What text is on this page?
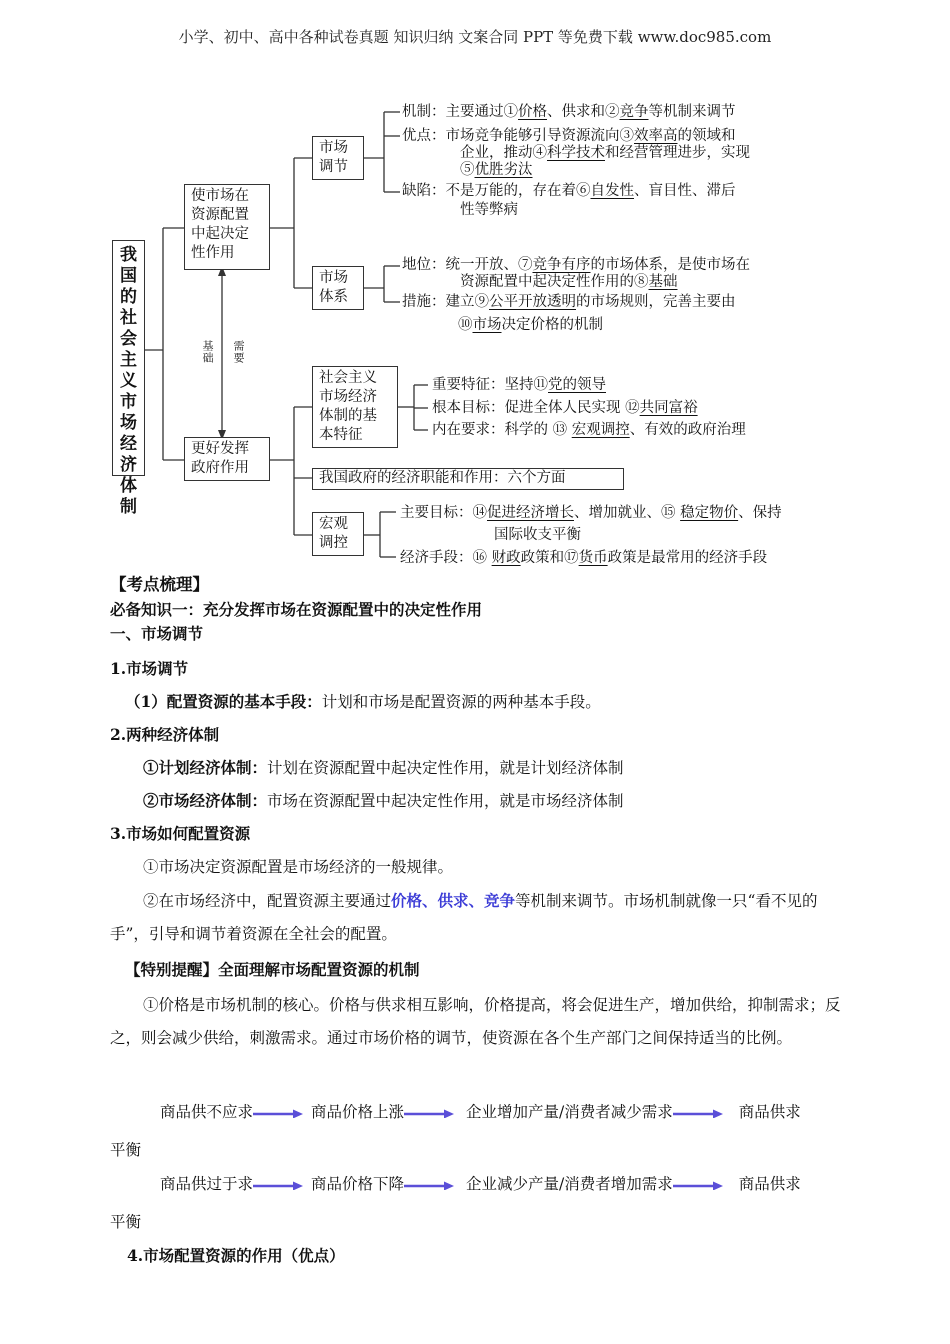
小学、初中、高中各种试卷真题 知识归纳 文案合同 PPT 等免费下载 www.doc985.com
我国的社会主义市场经济体制
使市场在资源配置中起决定性作用
更好发挥政府作用
基础 需要
市场调节
市场体系
社会主义市场经济体制的基本特征
我国政府的经济职能和作用：六个方面
宏观调控
机制：主要通过①价格、供求和②竞争等机制来调节
优点：市场竞争能够引导资源流向③效率高的领域和
企业，推动④科学技术和经营管理进步，实现
⑤优胜劣汰
缺陷：不是万能的，存在着⑥自发性、盲目性、滞后
性等弊病
地位：统一开放、⑦竞争有序的市场体系，是使市场在
资源配置中起决定性作用的⑧基础
措施：建立⑨公平开放透明的市场规则，完善主要由
⑩市场决定价格的机制
重要特征：坚持⑪党的领导
根本目标：促进全体人民实现 ⑫共同富裕
内在要求：科学的 ⑬ 宏观调控、有效的政府治理
主要目标：⑭促进经济增长、增加就业、⑮ 稳定物价、保持
国际收支平衡
经济手段：⑯ 财政政策和⑰货币政策是最常用的经济手段
【考点梳理】
必备知识一：充分发挥市场在资源配置中的决定性作用
一、市场调节
1.市场调节
（1）配置资源的基本手段：计划和市场是配置资源的两种基本手段。
2.两种经济体制
①计划经济体制：计划在资源配置中起决定性作用，就是计划经济体制
②市场经济体制：市场在资源配置中起决定性作用，就是市场经济体制
3.市场如何配置资源
①市场决定资源配置是市场经济的一般规律。
②在市场经济中，配置资源主要通过价格、供求、竞争等机制来调节。市场机制就像一只“看不见的手”，引导和调节着资源在全社会的配置。
【特别提醒】全面理解市场配置资源的机制
①价格是市场机制的核心。价格与供求相互影响，价格提高，将会促进生产，增加供给，抑制需求；反之，则会减少供给，刺激需求。通过市场价格的调节，使资源在各个生产部门之间保持适当的比例。
商品供不应求	商品价格上涨	企业增加产量/消费者减少需求	商品供求
平衡
商品供过于求	商品价格下降	企业减少产量/消费者增加需求	商品供求
平衡
4.市场配置资源的作用（优点）
